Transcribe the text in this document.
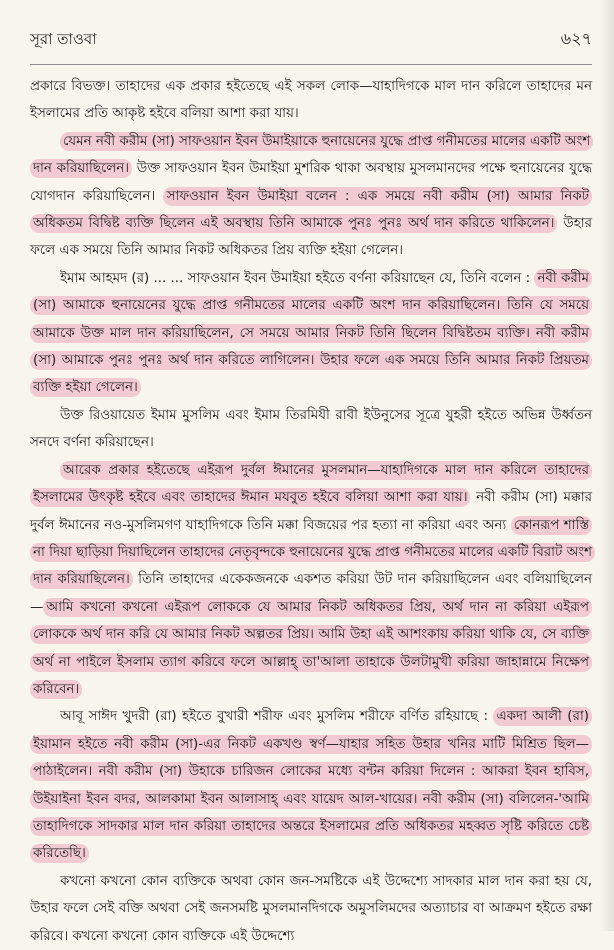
সূরা তাওবা	৬২৭

প্রকারে বিভক্ত। তাহাদের এক প্রকার হইতেছে এই সকল লোক—যাহাদিগকে মাল দান করিলে তাহাদের মন ইসলামের প্রতি আকৃষ্ট হইবে বলিয়া আশা করা যায়।

যেমন নবী করীম (সা) সাফওয়ান ইবন উমাইয়াকে হুনায়েনের যুদ্ধে প্রাপ্ত গনীমতের মালের একটি অংশ দান করিয়াছিলেন। উক্ত সাফওয়ান ইবন উমাইয়া মুশরিক থাকা অবস্থায় মুসলমানদের পক্ষে হুনায়েনের যুদ্ধে যোগদান করিয়াছিলেন। সাফওয়ান ইবন উমাইয়া বলেন : এক সময়ে নবী করীম (সা) আমার নিকট অধিকতম বিদ্বিষ্ট ব্যক্তি ছিলেন এই অবস্থায় তিনি আমাকে পুনঃ পুনঃ অর্থ দান করিতে থাকিলেন। উহার ফলে এক সময়ে তিনি আমার নিকট অধিকতর প্রিয় ব্যক্তি হইয়া গেলেন।

ইমাম আহমদ (র) ... ... সাফওয়ান ইবন উমাইয়া হইতে বর্ণনা করিয়াছেন যে, তিনি বলেন : নবী করীম (সা) আমাকে হুনায়েনের যুদ্ধে প্রাপ্ত গনীমতের মালের একটি অংশ দান করিয়াছিলেন। তিনি যে সময়ে আমাকে উক্ত মাল দান করিয়াছিলেন, সে সময়ে আমার নিকট তিনি ছিলেন বিদ্বিষ্টতম ব্যক্তি। নবী করীম (সা) আমাকে পুনঃ পুনঃ অর্থ দান করিতে লাগিলেন। উহার ফলে এক সময়ে তিনি আমার নিকট প্রিয়তম ব্যক্তি হইয়া গেলেন।

উক্ত রিওয়ায়েত ইমাম মুসলিম এবং ইমাম তিরমিযী রাবী ইউনুসের সূত্রে যুহরী হইতে অভিন্ন উর্ধ্বতন সনদে বর্ণনা করিয়াছেন।

আরেক প্রকার হইতেছে এইরূপ দুর্বল ঈমানের মুসলমান—যাহাদিগকে মাল দান করিলে তাহাদের ইসলামের উৎকৃষ্ট হইবে এবং তাহাদের ঈমান মযবুত হইবে বলিয়া আশা করা যায়। নবী করীম (সা) মক্কার দুর্বল ঈমানের নও-মুসলিমগণ যাহাদিগকে তিনি মক্কা বিজয়ের পর হত্যা না করিয়া এবং অন্য কোনরূপ শাস্তি না দিয়া ছাড়িয়া দিয়াছিলেন তাহাদের নেতৃবৃন্দকে হুনায়েনের যুদ্ধে প্রাপ্ত গনীমতের মালের একটি বিরাট অংশ দান করিয়াছিলেন। তিনি তাহাদের একেকজনকে একশত করিয়া উট দান করিয়াছিলেন এবং বলিয়াছিলেন— আমি কখনো কখনো এইরূপ লোককে যে আমার নিকট অধিকতর প্রিয়, অর্থ দান না করিয়া এইরূপ লোককে অর্থ দান করি যে আমার নিকট অল্পতর প্রিয়। আমি উহা এই আশংকায় করিয়া থাকি যে, সে ব্যক্তি অর্থ না পাইলে ইসলাম ত্যাগ করিবে ফলে আল্লাহ্‌ তা'আলা তাহাকে উলটামুখী করিয়া জাহান্নামে নিক্ষেপ করিবেন।

আবূ সাঈদ খুদরী (রা) হইতে বুখারী শরীফ এবং মুসলিম শরীফে বর্ণিত রহিয়াছে : একদা আলী (রা) ইয়ামান হইতে নবী করীম (সা)-এর নিকট একখণ্ড স্বর্ণ—যাহার সহিত উহার খনির মাটি মিশ্রিত ছিল—পাঠাইলেন। নবী করীম (সা) উহাকে চারিজন লোকের মধ্যে বন্টন করিয়া দিলেন : আকরা ইবন হাবিস, উইয়াইনা ইবন বদর, আলকামা ইবন আলাসাহ্‌ এবং যায়েদ আল-খায়ের। নবী করীম (সা) বলিলেন-'আমি তাহাদিগকে সাদকার মাল দান করিয়া তাহাদের অন্তরে ইসলামের প্রতি অধিকতর মহব্বত সৃষ্টি করিতে চেষ্ট করিতেছি।

কখনো কখনো কোন ব্যক্তিকে অথবা কোন জন-সমষ্টিকে এই উদ্দেশ্যে সাদকার মাল দান করা হয় যে, উহার ফলে সেই বক্তি অথবা সেই জনসমষ্টি মুসলমানদিগকে অমুসলিমদের অত্যাচার বা আক্রমণ হইতে রক্ষা করিবে। কখনো কখনো কোন ব্যক্তিকে এই উদ্দেশ্যে
